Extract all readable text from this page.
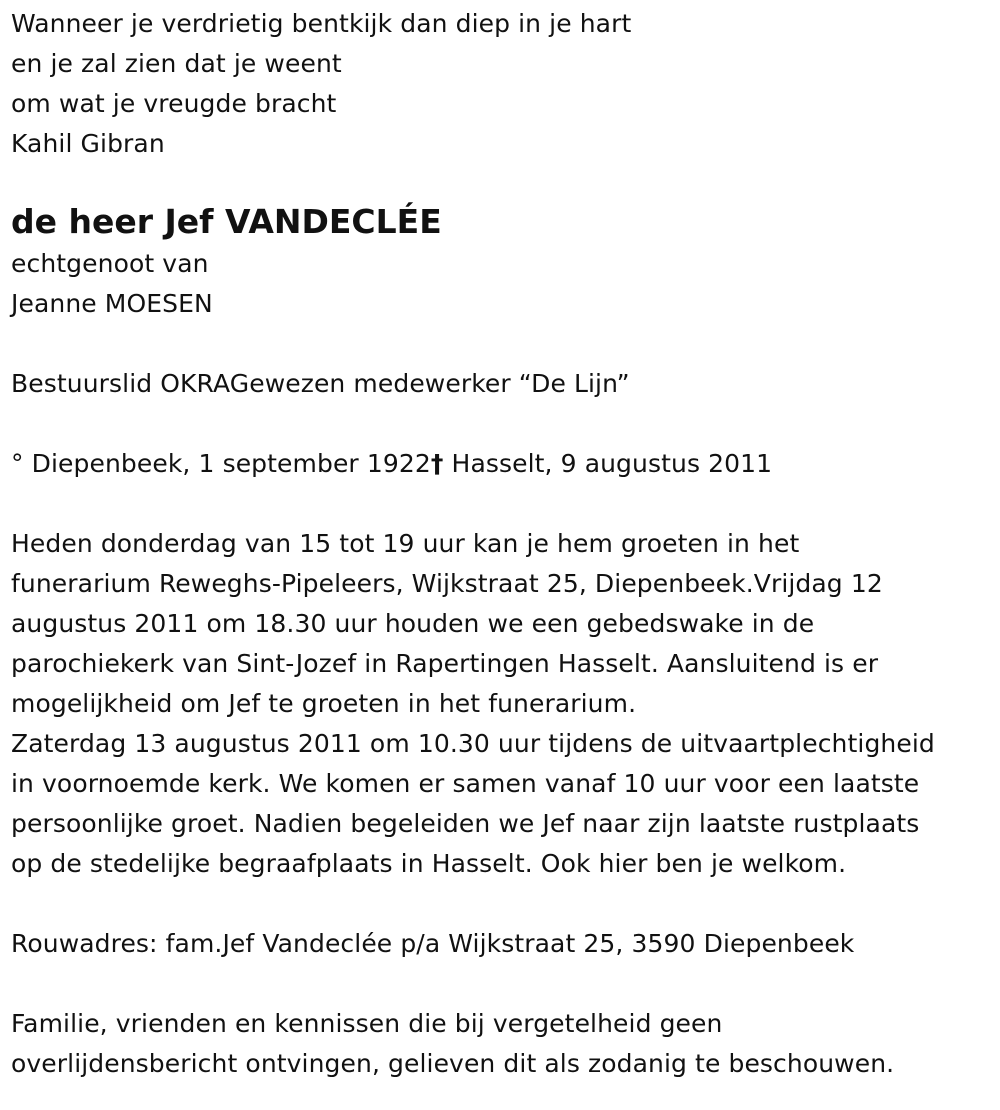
Wanneer je verdrietig bentkijk dan diep in je hart
en je zal zien dat je weent
om wat je vreugde bracht
Kahil Gibran
de heer Jef VANDECLÉE
echtgenoot van
Jeanne MOESEN
Bestuurslid OKRAGewezen medewerker “De Lijn”
° Diepenbeek, 1 september 1922† Hasselt, 9 augustus 2011
Heden donderdag van 15 tot 19 uur kan je hem groeten in het
funerarium Reweghs-Pipeleers, Wijkstraat 25, Diepenbeek.Vrijdag 12
augustus 2011 om 18.30 uur houden we een gebedswake in de
parochiekerk van Sint-Jozef in Rapertingen Hasselt. Aansluitend is er
mogelijkheid om Jef te groeten in het funerarium.
Zaterdag 13 augustus 2011 om 10.30 uur tijdens de uitvaartplechtigheid
in voornoemde kerk. We komen er samen vanaf 10 uur voor een laatste
persoonlijke groet. Nadien begeleiden we Jef naar zijn laatste rustplaats
op de stedelijke begraafplaats in Hasselt. Ook hier ben je welkom.
Rouwadres: fam.Jef Vandeclée p/a Wijkstraat 25, 3590 Diepenbeek
Familie, vrienden en kennissen die bij vergetelheid geen
overlijdensbericht ontvingen, gelieven dit als zodanig te beschouwen.
